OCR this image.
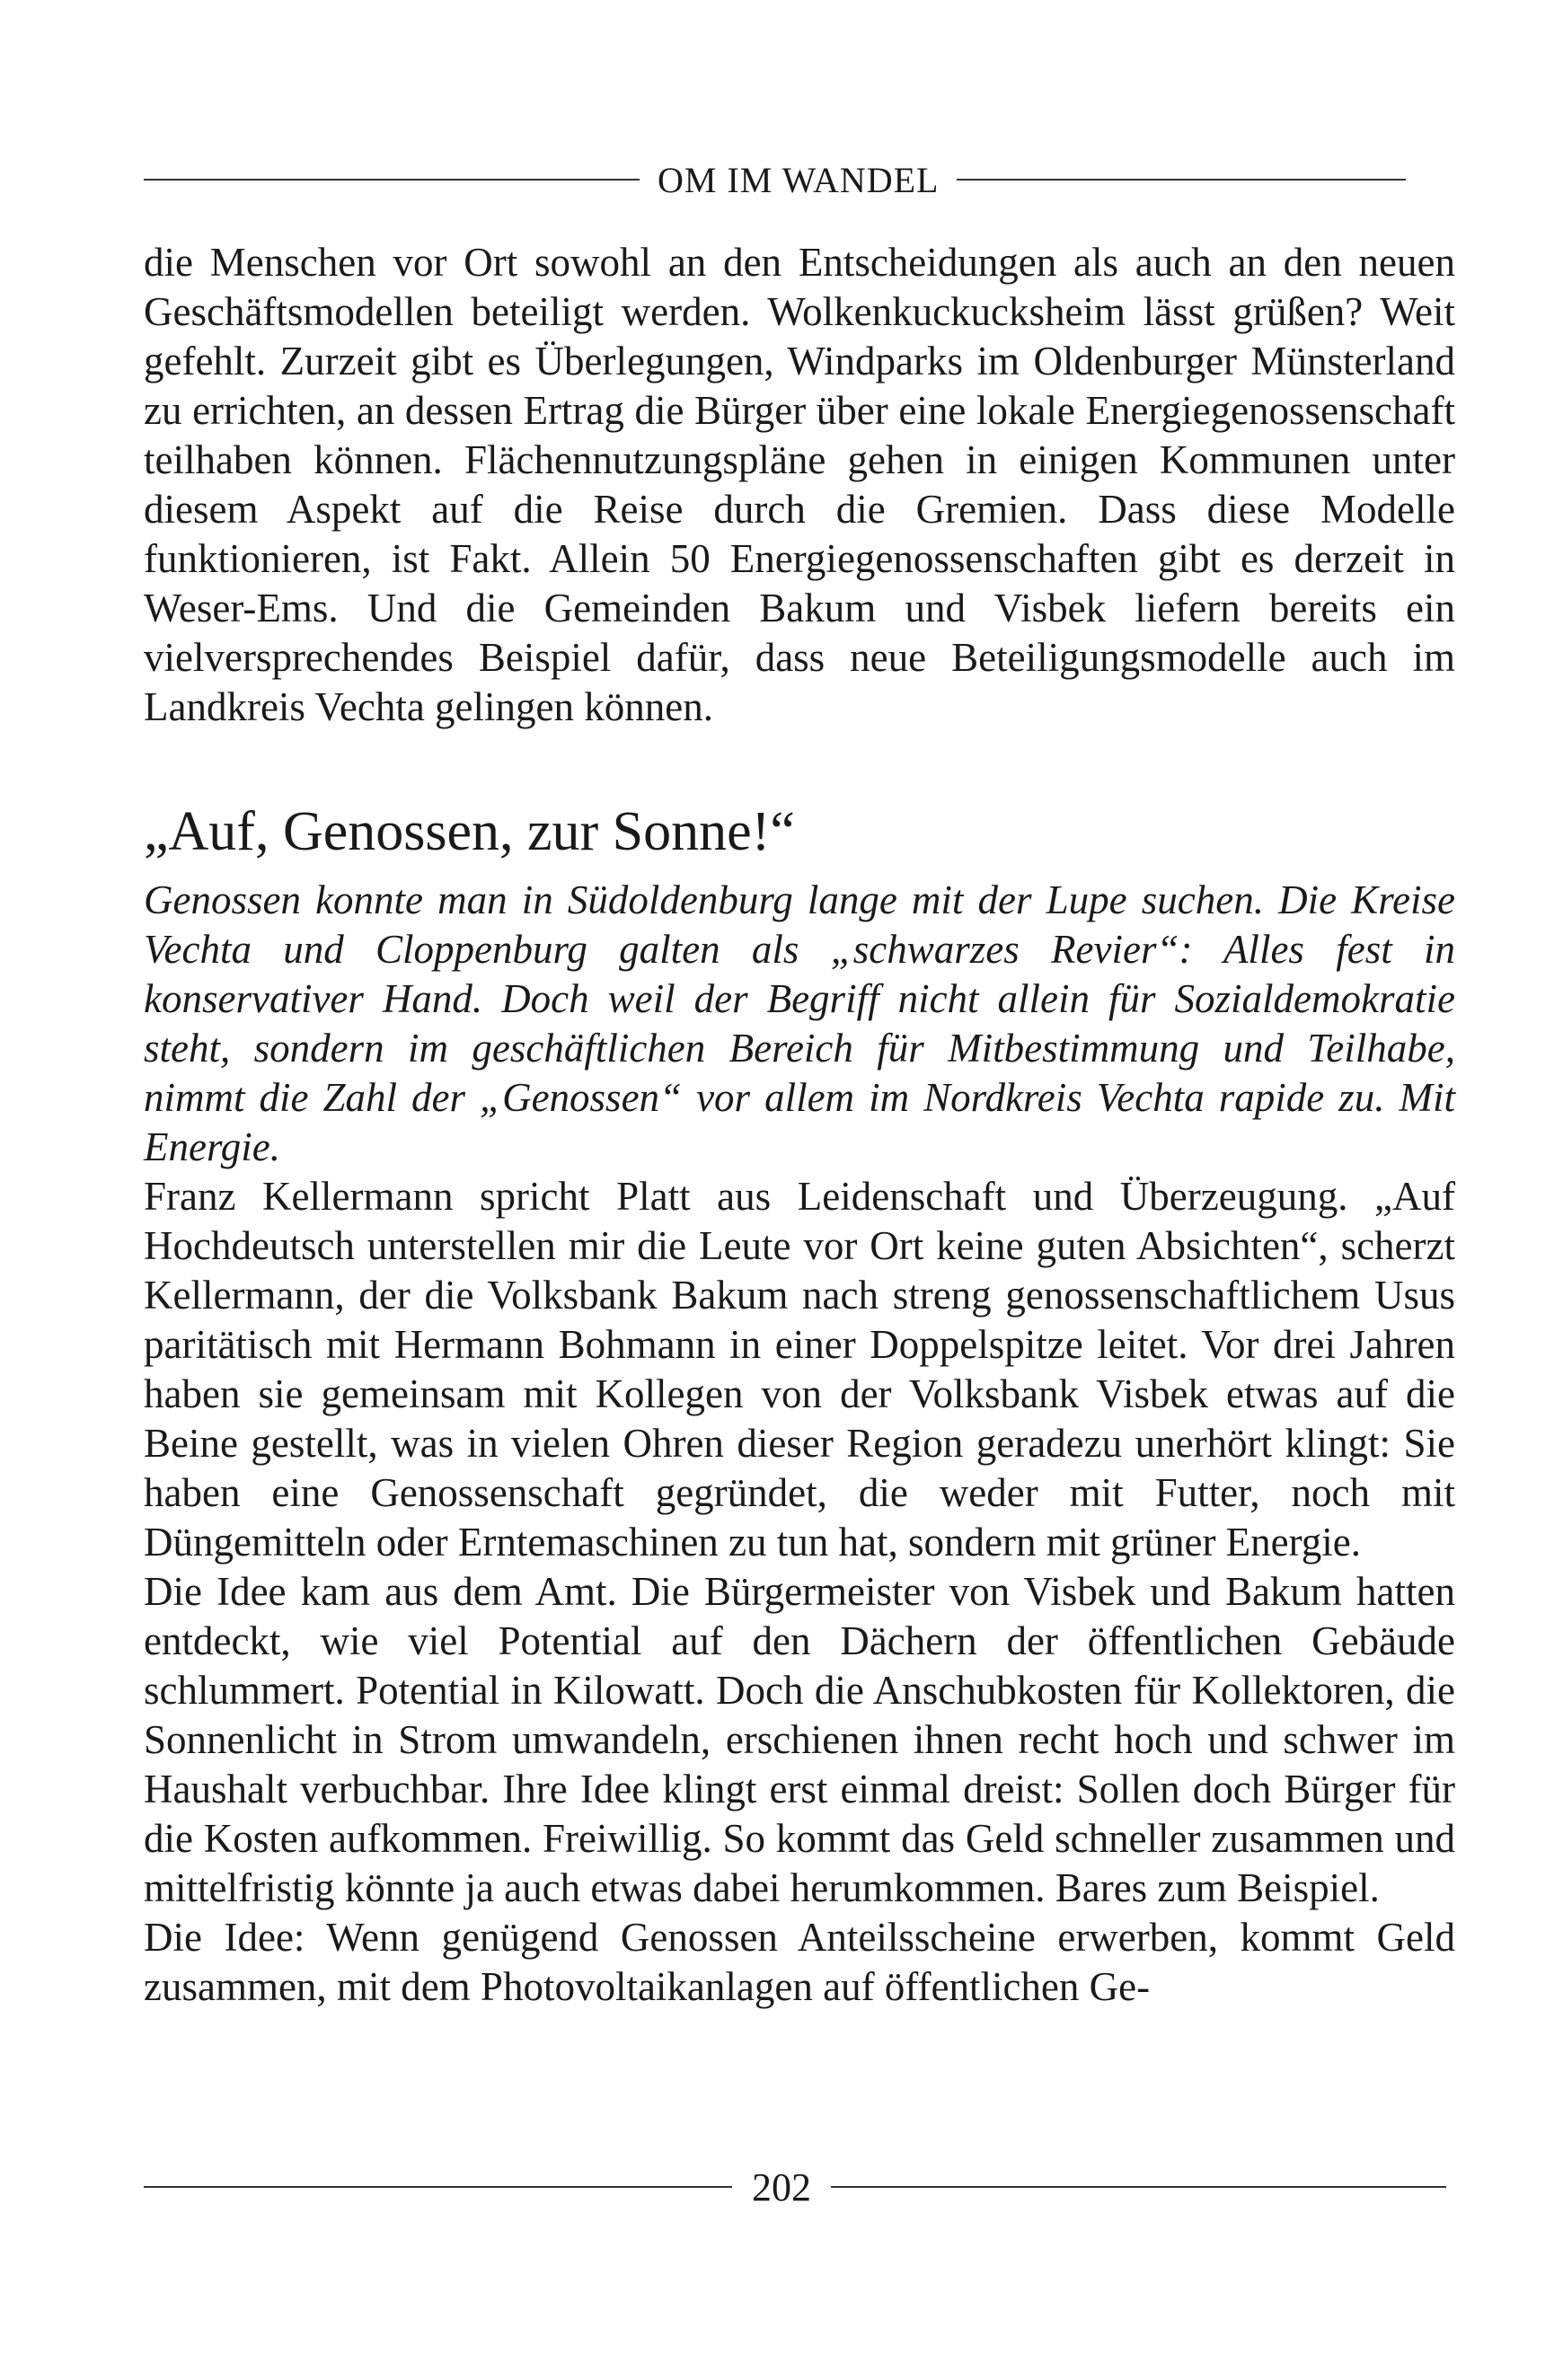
OM IM WANDEL

die Menschen vor Ort sowohl an den Entscheidungen als auch an den neuen Geschäftsmodellen beteiligt werden. Wolkenkuckucksheim lässt grüßen? Weit gefehlt. Zurzeit gibt es Überlegungen, Windparks im Oldenburger Münsterland zu errichten, an dessen Ertrag die Bürger über eine lokale Energiegenossenschaft teilhaben können. Flächennutzungspläne gehen in einigen Kommunen unter diesem Aspekt auf die Reise durch die Gremien. Dass diese Modelle funktionieren, ist Fakt. Allein 50 Energiegenossenschaften gibt es derzeit in Weser-Ems. Und die Gemeinden Bakum und Visbek liefern bereits ein vielversprechendes Beispiel dafür, dass neue Beteiligungsmodelle auch im Landkreis Vechta gelingen können.

„Auf, Genossen, zur Sonne!“

Genossen konnte man in Südoldenburg lange mit der Lupe suchen. Die Kreise Vechta und Cloppenburg galten als „schwarzes Revier“: Alles fest in konservativer Hand. Doch weil der Begriff nicht allein für Sozialdemokratie steht, sondern im geschäftlichen Bereich für Mitbestimmung und Teilhabe, nimmt die Zahl der „Genossen“ vor allem im Nordkreis Vechta rapide zu. Mit Energie.

Franz Kellermann spricht Platt aus Leidenschaft und Überzeugung. „Auf Hochdeutsch unterstellen mir die Leute vor Ort keine guten Absichten“, scherzt Kellermann, der die Volksbank Bakum nach streng genossenschaftlichem Usus paritätisch mit Hermann Bohmann in einer Doppelspitze leitet. Vor drei Jahren haben sie gemeinsam mit Kollegen von der Volksbank Visbek etwas auf die Beine gestellt, was in vielen Ohren dieser Region geradezu unerhört klingt: Sie haben eine Genossenschaft gegründet, die weder mit Futter, noch mit Düngemitteln oder Erntemaschinen zu tun hat, sondern mit grüner Energie.

Die Idee kam aus dem Amt. Die Bürgermeister von Visbek und Bakum hatten entdeckt, wie viel Potential auf den Dächern der öffentlichen Gebäude schlummert. Potential in Kilowatt. Doch die Anschubkosten für Kollektoren, die Sonnenlicht in Strom umwandeln, erschienen ihnen recht hoch und schwer im Haushalt verbuchbar. Ihre Idee klingt erst einmal dreist: Sollen doch Bürger für die Kosten aufkommen. Freiwillig. So kommt das Geld schneller zusammen und mittelfristig könnte ja auch etwas dabei herumkommen. Bares zum Beispiel.

Die Idee: Wenn genügend Genossen Anteilsscheine erwerben, kommt Geld zusammen, mit dem Photovoltaikanlagen auf öffentlichen Ge-

202
